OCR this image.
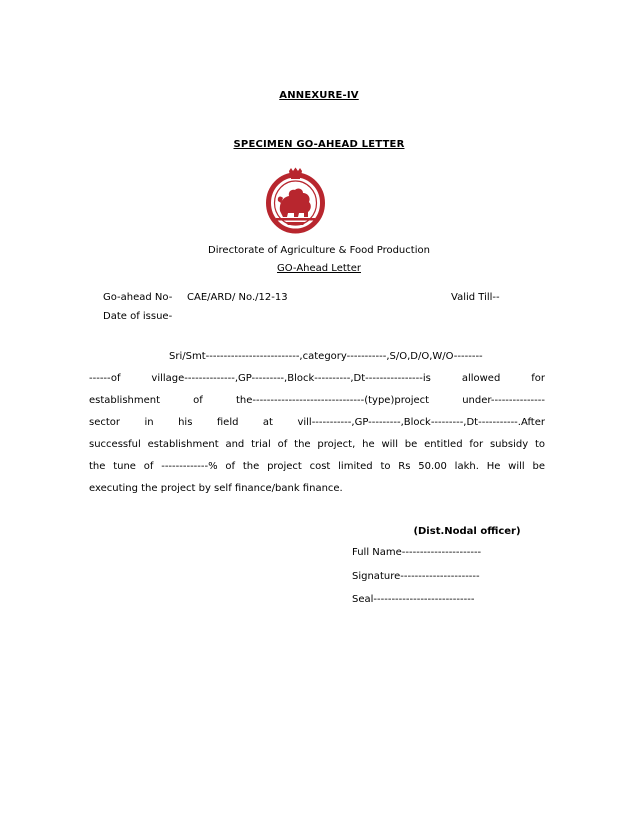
ANNEXURE-IV
SPECIMEN GO-AHEAD LETTER
Directorate of Agriculture & Food Production
GO-Ahead Letter
Go-ahead No- CAE/ARD/ No./12-13	Valid Till--
Date of issue-
Sri/Smt--------------------------,category-----------,S/O,D/O,W/O--------
------of village--------------,GP---------,Block----------,Dt----------------is allowed for
establishment of the-------------------------------(type)project under---------------
sector in his field at vill-----------,GP---------,Block---------,Dt-----------.After
successful establishment and trial of the project, he will be entitled for subsidy to
the tune of -------------% of the project cost limited to Rs 50.00 lakh. He will be
executing the project by self finance/bank finance.
(Dist.Nodal officer)
Full Name----------------------
Signature----------------------
Seal----------------------------
